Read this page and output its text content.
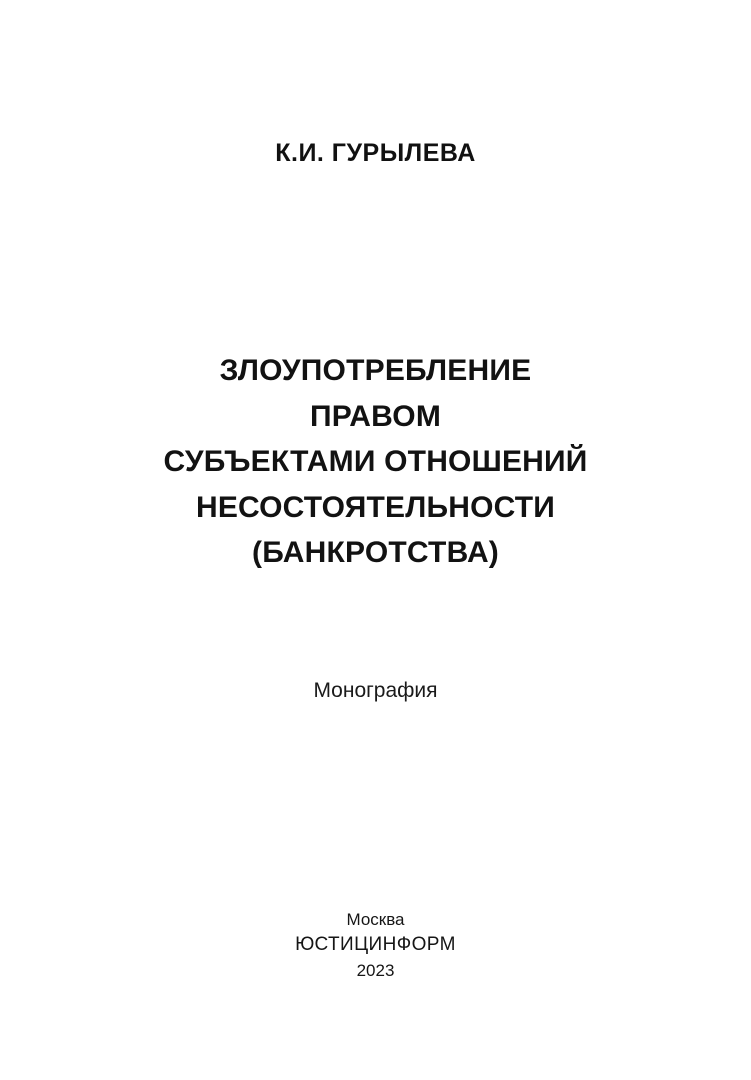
К.И. ГУРЫЛЕВА
ЗЛОУПОТРЕБЛЕНИЕ
ПРАВОМ
СУБЪЕКТАМИ ОТНОШЕНИЙ
НЕСОСТОЯТЕЛЬНОСТИ
(БАНКРОТСТВА)
Монография
Москва
ЮСТИЦИНФОРМ
2023
